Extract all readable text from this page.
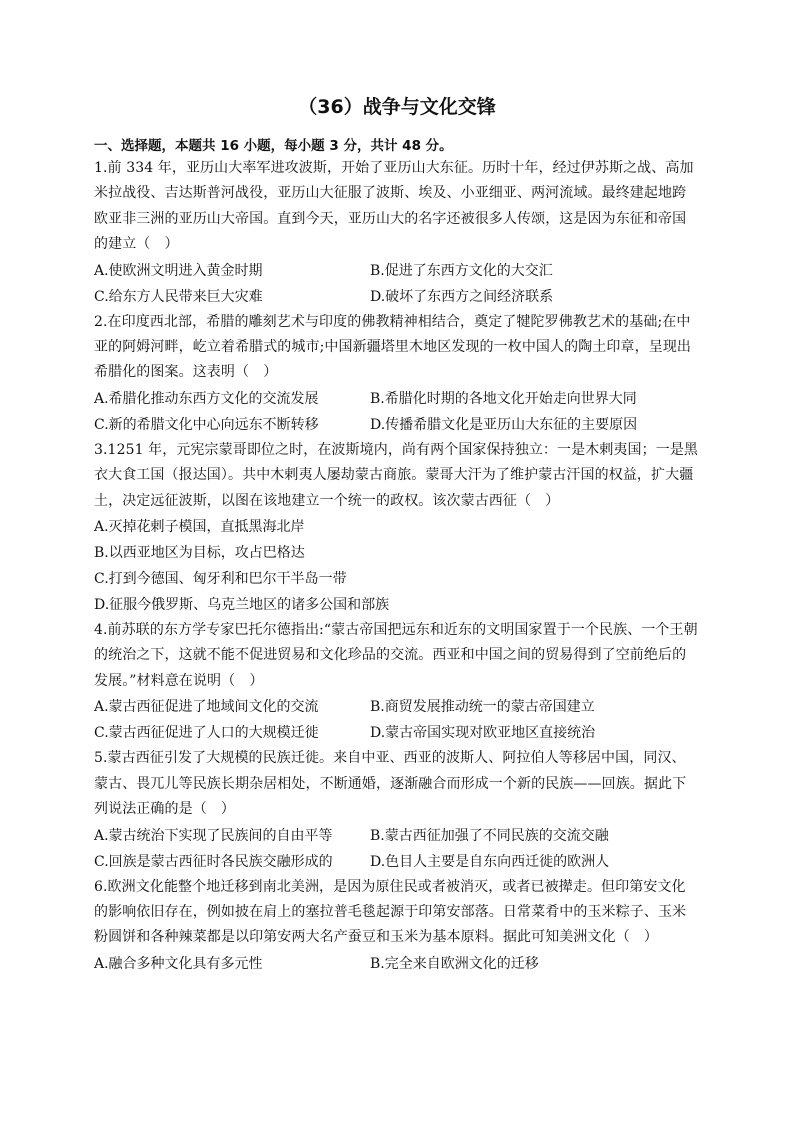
（36）战争与文化交锋
一、选择题，本题共 16 小题，每小题 3 分，共计 48 分。
1.前 334 年，亚历山大率军进攻波斯，开始了亚历山大东征。历时十年，经过伊苏斯之战、高加米拉战役、吉达斯普河战役，亚历山大征服了波斯、埃及、小亚细亚、两河流域。最终建起地跨欧亚非三洲的亚历山大帝国。直到今天，亚历山大的名字还被很多人传颂，这是因为东征和帝国的建立（　）
A.使欧洲文明进入黄金时期	B.促进了东西方文化的大交汇
C.给东方人民带来巨大灾难	D.破坏了东西方之间经济联系
2.在印度西北部，希腊的雕刻艺术与印度的佛教精神相结合，奠定了犍陀罗佛教艺术的基础;在中亚的阿姆河畔，屹立着希腊式的城市;中国新疆塔里木地区发现的一枚中国人的陶土印章，呈现出希腊化的图案。这表明（　）
A.希腊化推动东西方文化的交流发展	B.希腊化时期的各地文化开始走向世界大同
C.新的希腊文化中心向远东不断转移	D.传播希腊文化是亚历山大东征的主要原因
3.1251 年，元宪宗蒙哥即位之时，在波斯境内，尚有两个国家保持独立：一是木剌夷国；一是黑衣大食工国（报达国）。共中木剌夷人屡劫蒙古商旅。蒙哥大汗为了维护蒙古汗国的权益，扩大疆土，决定远征波斯，以图在该地建立一个统一的政权。该次蒙古西征（　）
A.灭掉花剌子模国，直抵黑海北岸
B.以西亚地区为目标，攻占巴格达
C.打到今德国、匈牙利和巴尔干半岛一带
D.征服今俄罗斯、乌克兰地区的诸多公国和部族
4.前苏联的东方学专家巴托尔德指出:“蒙古帝国把远东和近东的文明国家置于一个民族、一个王朝的统治之下，这就不能不促进贸易和文化珍品的交流。西亚和中国之间的贸易得到了空前绝后的发展。”材料意在说明（　）
A.蒙古西征促进了地域间文化的交流	B.商贸发展推动统一的蒙古帝国建立
C.蒙古西征促进了人口的大规模迁徙	D.蒙古帝国实现对欧亚地区直接统治
5.蒙古西征引发了大规模的民族迁徙。来自中亚、西亚的波斯人、阿拉伯人等移居中国，同汉、蒙古、畏兀儿等民族长期杂居相处，不断通婚，逐渐融合而形成一个新的民族——回族。据此下列说法正确的是（　）
A.蒙古统治下实现了民族间的自由平等	B.蒙古西征加强了不同民族的交流交融
C.回族是蒙古西征时各民族交融形成的	D.色目人主要是自东向西迁徙的欧洲人
6.欧洲文化能整个地迁移到南北美洲，是因为原住民或者被消灭，或者已被撵走。但印第安文化的影响依旧存在，例如披在肩上的塞拉普毛毯起源于印第安部落。日常菜肴中的玉米粽子、玉米粉圆饼和各种辣菜都是以印第安两大名产蚕豆和玉米为基本原料。据此可知美洲文化（　）
A.融合多种文化具有多元性	B.完全来自欧洲文化的迁移
